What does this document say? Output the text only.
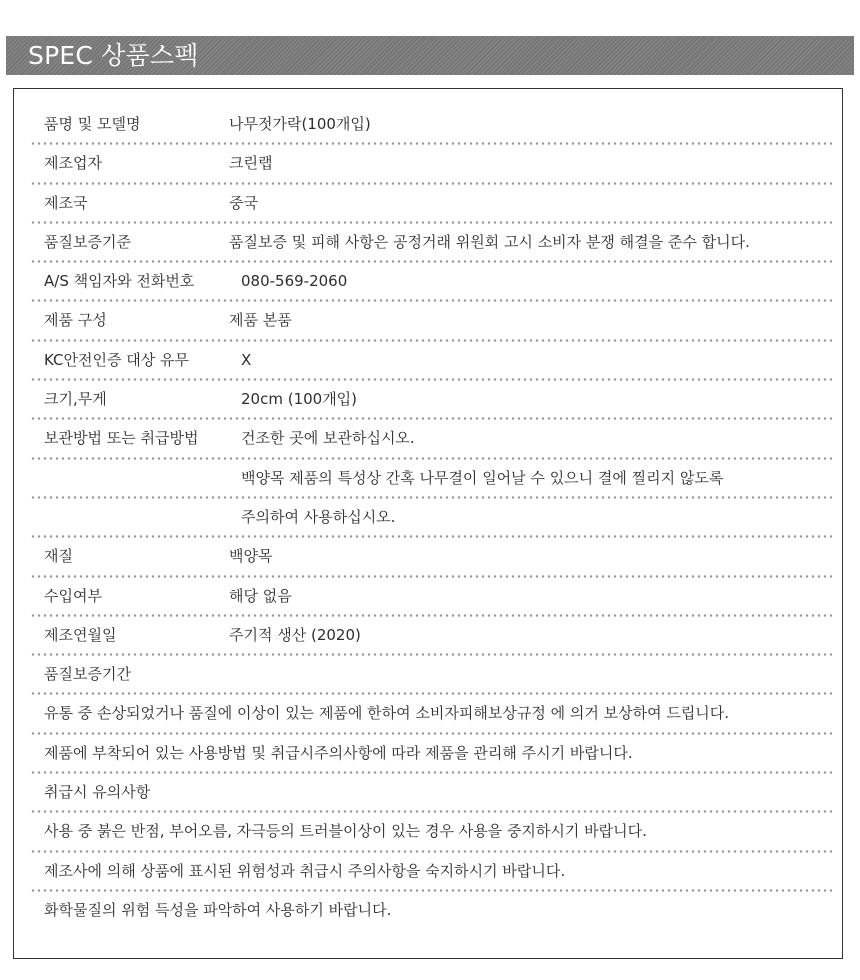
SPEC 상품스펙
품명 및 모델명	나무젓가락(100개입)
제조업자	크린랩
제조국	중국
품질보증기준	품질보증 및 피해 사항은 공정거래 위원회 고시 소비자 분쟁 해결을 준수 합니다.
A/S 책임자와 전화번호	080-569-2060
제품 구성	제품 본품
KC안전인증 대상 유무	X
크기,무게	20cm (100개입)
보관방법 또는 취급방법	건조한 곳에 보관하십시오.
백양목 제품의 특성상 간혹 나무결이 일어날 수 있으니 결에 찔리지 않도록
주의하여 사용하십시오.
재질	백양목
수입여부	해당 없음
제조연월일	주기적 생산 (2020)
품질보증기간
유통 중 손상되었거나 품질에 이상이 있는 제품에 한하여 소비자피해보상규정 에 의거 보상하여 드립니다.
제품에 부착되어 있는 사용방법 및 취급시주의사항에 따라 제품을 관리해 주시기 바랍니다.
취급시 유의사항
사용 중 붉은 반점, 부어오름, 자극등의 트러블이상이 있는 경우 사용을 중지하시기 바랍니다.
제조사에 의해 상품에 표시된 위험성과 취급시 주의사항을 숙지하시기 바랍니다.
화학물질의 위험 득성을 파악하여 사용하기 바랍니다.
